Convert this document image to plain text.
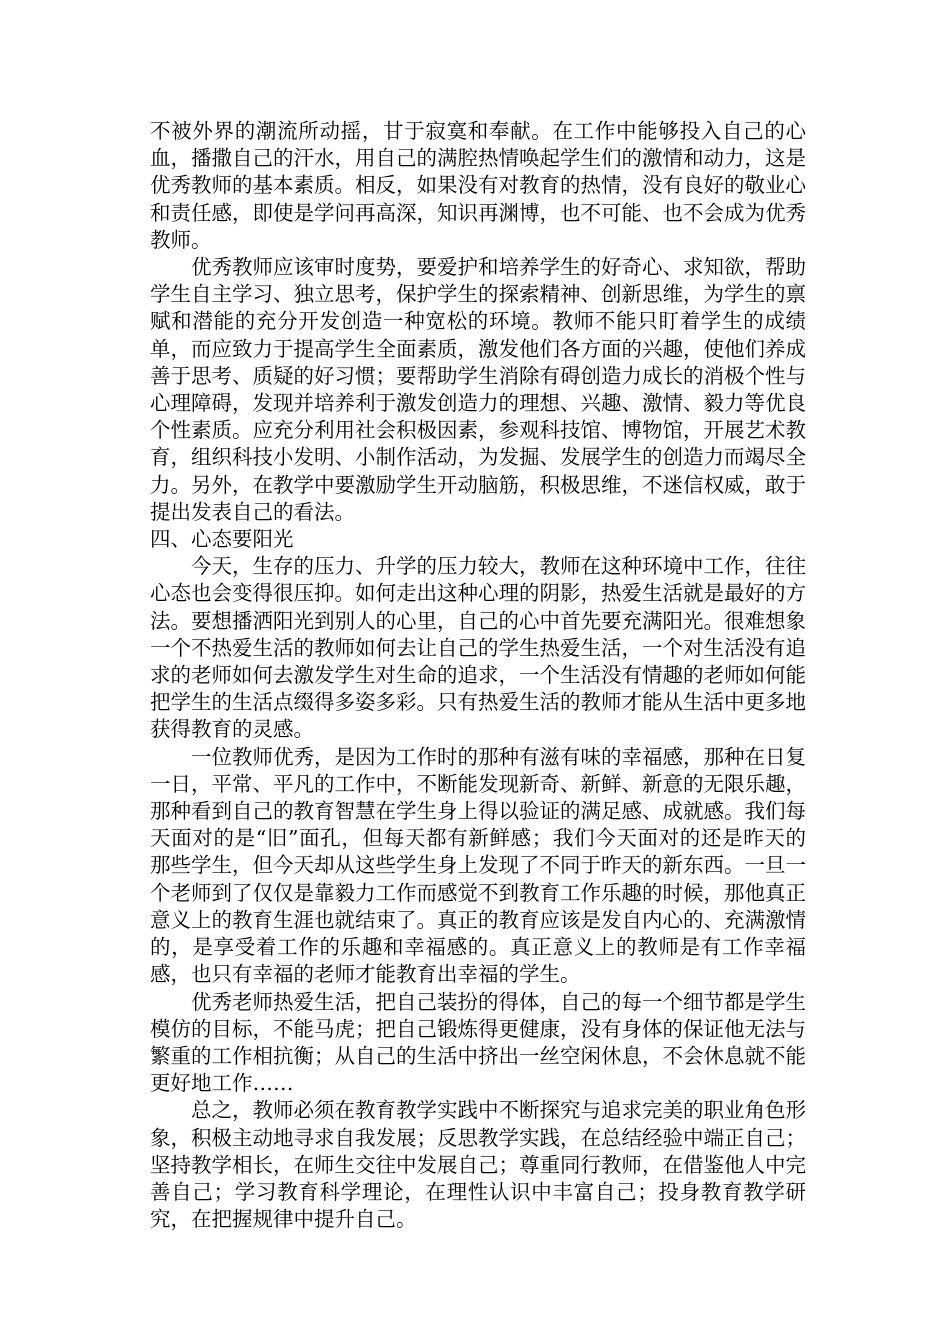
不被外界的潮流所动摇，甘于寂寞和奉献。在工作中能够投入自己的心血，播撒自己的汗水，用自己的满腔热情唤起学生们的激情和动力，这是优秀教师的基本素质。相反，如果没有对教育的热情，没有良好的敬业心和责任感，即使是学问再高深，知识再渊博，也不可能、也不会成为优秀教师。

优秀教师应该审时度势，要爱护和培养学生的好奇心、求知欲，帮助学生自主学习、独立思考，保护学生的探索精神、创新思维，为学生的禀赋和潜能的充分开发创造一种宽松的环境。教师不能只盯着学生的成绩单，而应致力于提高学生全面素质，激发他们各方面的兴趣，使他们养成善于思考、质疑的好习惯；要帮助学生消除有碍创造力成长的消极个性与心理障碍，发现并培养利于激发创造力的理想、兴趣、激情、毅力等优良个性素质。应充分利用社会积极因素，参观科技馆、博物馆，开展艺术教育，组织科技小发明、小制作活动，为发掘、发展学生的创造力而竭尽全力。另外，在教学中要激励学生开动脑筋，积极思维，不迷信权威，敢于提出发表自己的看法。

四、心态要阳光

今天，生存的压力、升学的压力较大，教师在这种环境中工作，往往心态也会变得很压抑。如何走出这种心理的阴影，热爱生活就是最好的方法。要想播洒阳光到别人的心里，自己的心中首先要充满阳光。很难想象一个不热爱生活的教师如何去让自己的学生热爱生活，一个对生活没有追求的老师如何去激发学生对生命的追求，一个生活没有情趣的老师如何能把学生的生活点缀得多姿多彩。只有热爱生活的教师才能从生活中更多地获得教育的灵感。

一位教师优秀，是因为工作时的那种有滋有味的幸福感，那种在日复一日，平常、平凡的工作中，不断能发现新奇、新鲜、新意的无限乐趣，那种看到自己的教育智慧在学生身上得以验证的满足感、成就感。我们每天面对的是“旧”面孔，但每天都有新鲜感；我们今天面对的还是昨天的那些学生，但今天却从这些学生身上发现了不同于昨天的新东西。一旦一个老师到了仅仅是靠毅力工作而感觉不到教育工作乐趣的时候，那他真正意义上的教育生涯也就结束了。真正的教育应该是发自内心的、充满激情的，是享受着工作的乐趣和幸福感的。真正意义上的教师是有工作幸福感，也只有幸福的老师才能教育出幸福的学生。

优秀老师热爱生活，把自己装扮的得体，自己的每一个细节都是学生模仿的目标，不能马虎；把自己锻炼得更健康，没有身体的保证他无法与繁重的工作相抗衡；从自己的生活中挤出一丝空闲休息，不会休息就不能更好地工作……

总之，教师必须在教育教学实践中不断探究与追求完美的职业角色形象，积极主动地寻求自我发展；反思教学实践，在总结经验中端正自己；坚持教学相长，在师生交往中发展自己；尊重同行教师，在借鉴他人中完善自己；学习教育科学理论，在理性认识中丰富自己；投身教育教学研究，在把握规律中提升自己。
